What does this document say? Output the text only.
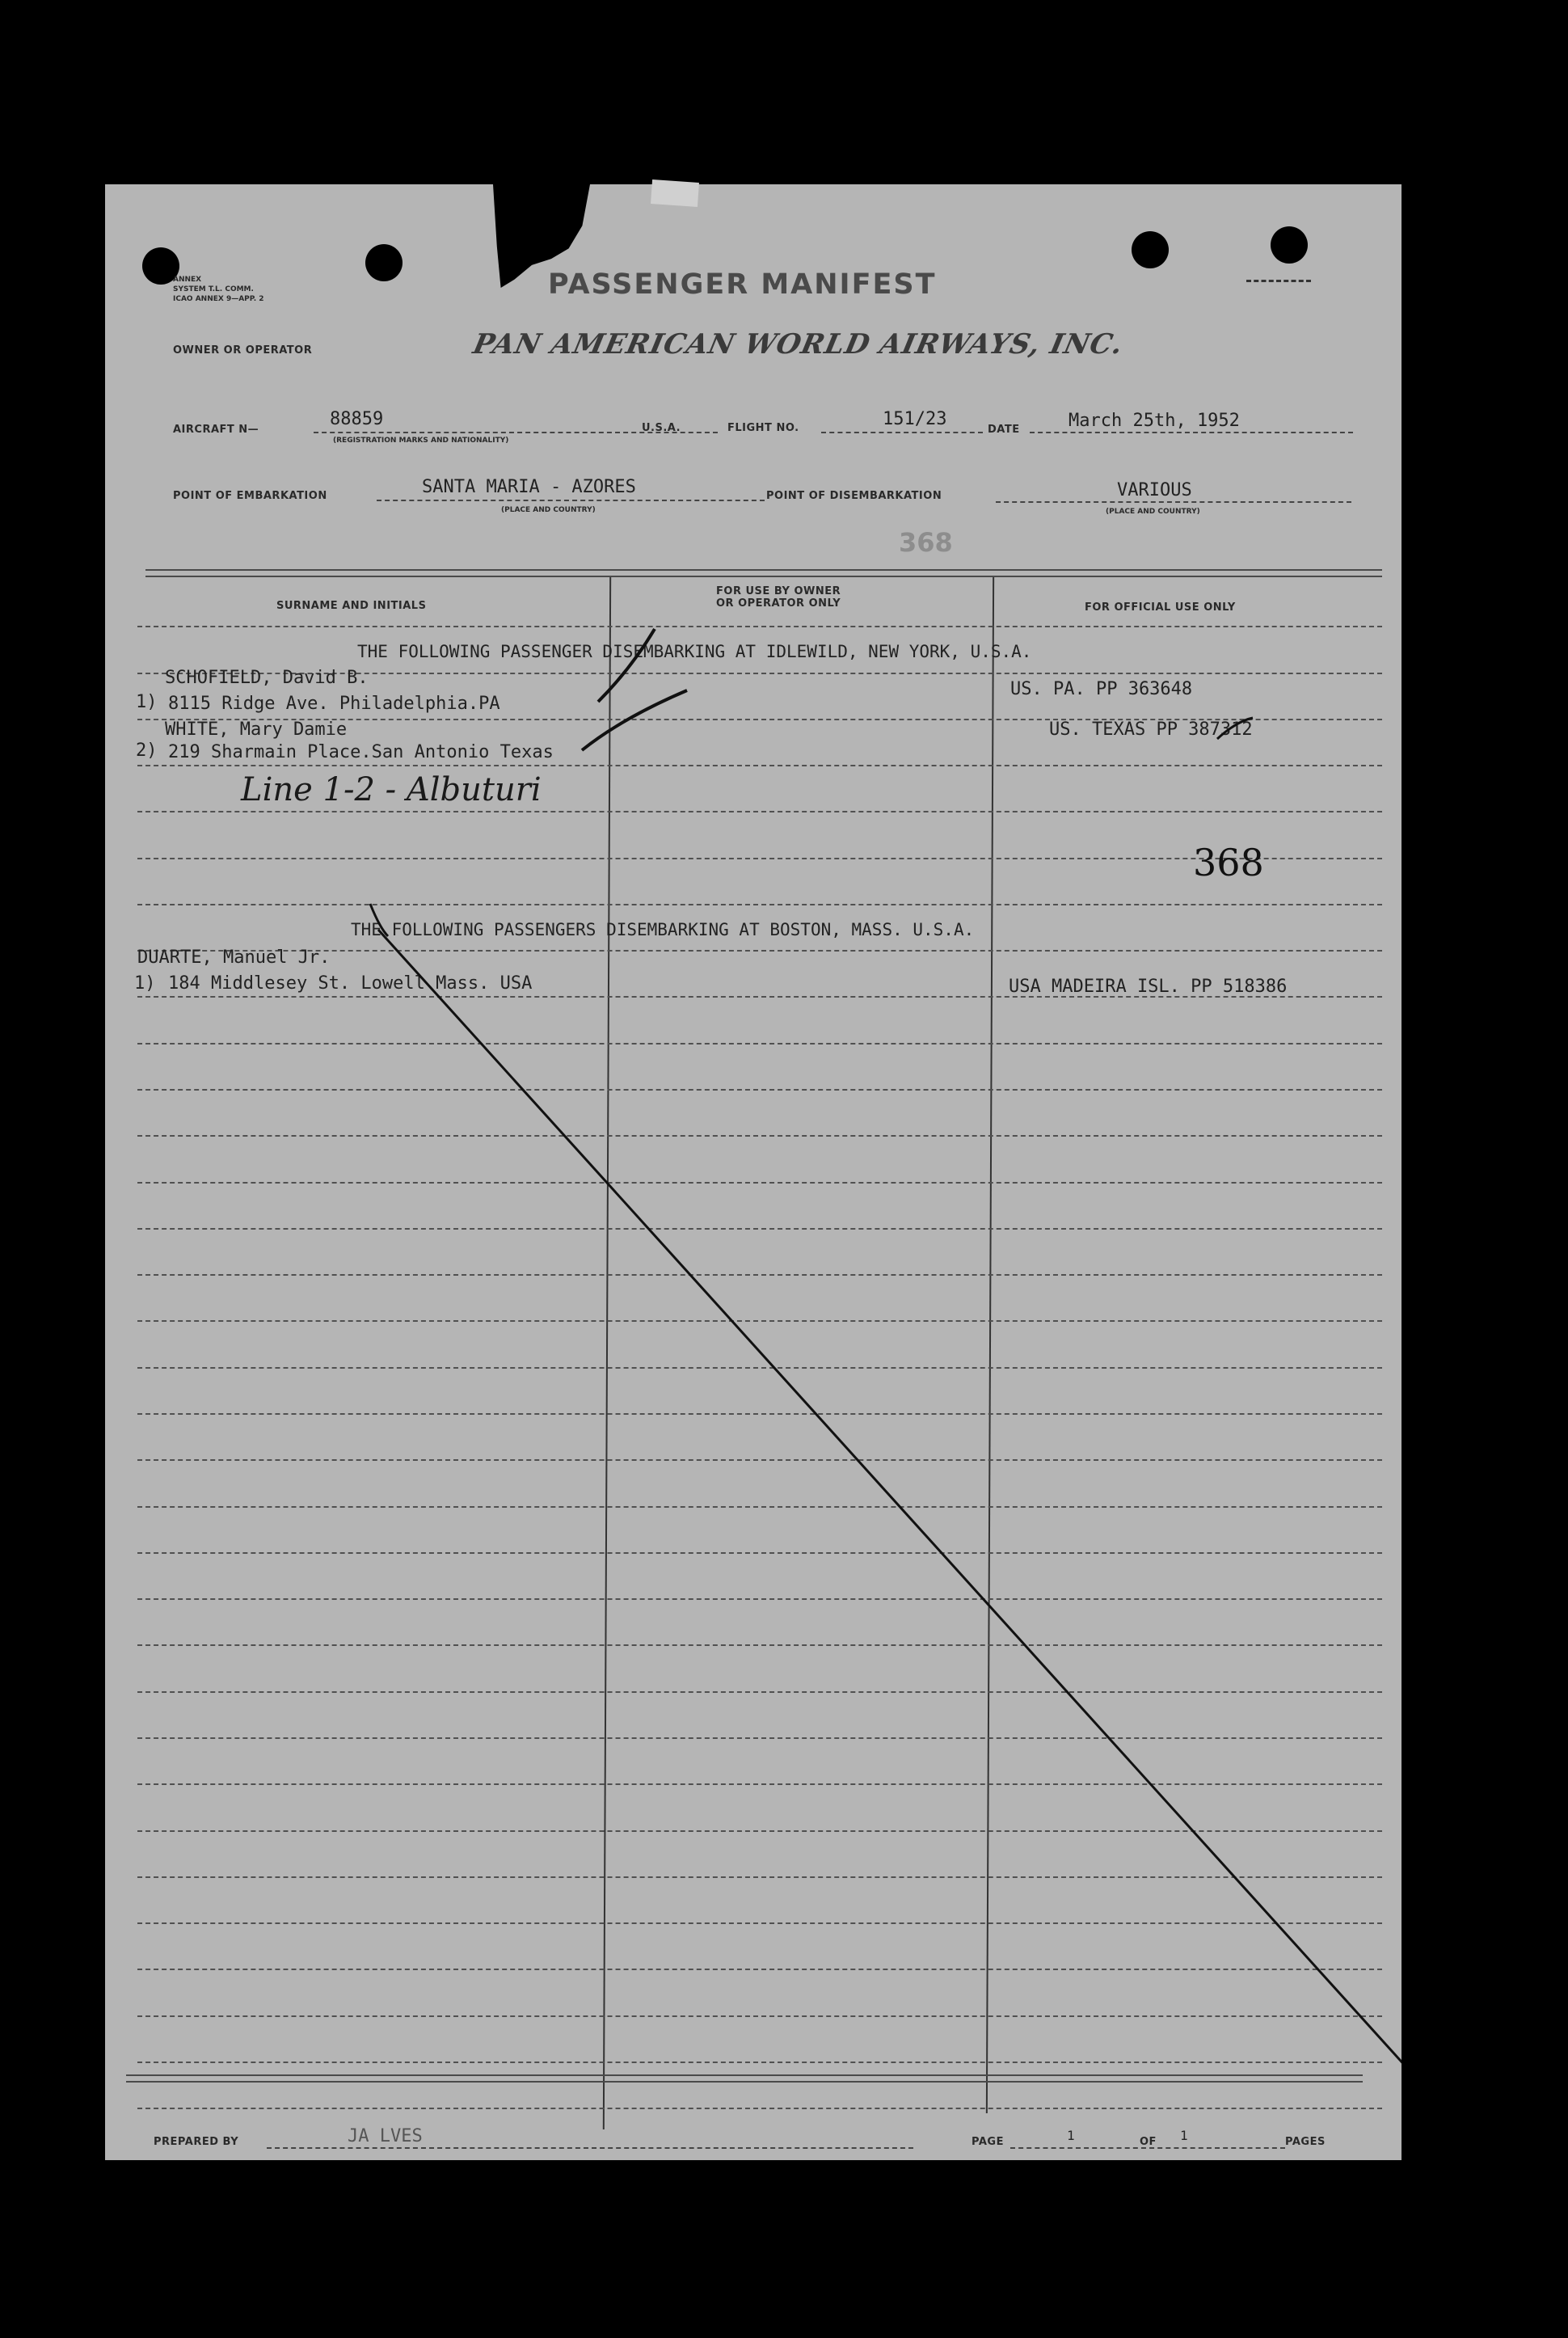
ANNEX
SYSTEM T.L. COMM.
ICAO ANNEX 9—APP. 2	PASSENGER MANIFEST
OWNER OR OPERATOR	PAN AMERICAN WORLD AIRWAYS, INC.
AIRCRAFT N—
88859
(REGISTRATION MARKS AND NATIONALITY)
U.S.A.	FLIGHT NO.	151/23
DATE	March 25th, 1952
POINT OF EMBARKATION	SANTA MARIA - AZORES
(PLACE AND COUNTRY)
POINT OF DISEMBARKATION	VARIOUS
(PLACE AND COUNTRY)
368
SURNAME AND INITIALS
FOR USE BY OWNER
OR OPERATOR ONLY	FOR OFFICIAL USE ONLY
THE FOLLOWING PASSENGER DISEMBARKING AT IDLEWILD, NEW YORK, U.S.A.
SCHOFIELD, David B.
1) 8115 Ridge Ave. Philadelphia.PA
US. PA. PP 363648
WHITE, Mary Damie
2) 219 Sharmain Place.San Antonio Texas
US. TEXAS PP 387312
Line 1-2 - Albuturi
368
THE FOLLOWING PASSENGERS DISEMBARKING AT BOSTON, MASS. U.S.A.
DUARTE, Manuel Jr.
1) 184 Middlesey St. Lowell Mass. USA	USA MADEIRA ISL. PP 518386
PREPARED BY	JA LVES	PAGE	1	OF 1	PAGES
